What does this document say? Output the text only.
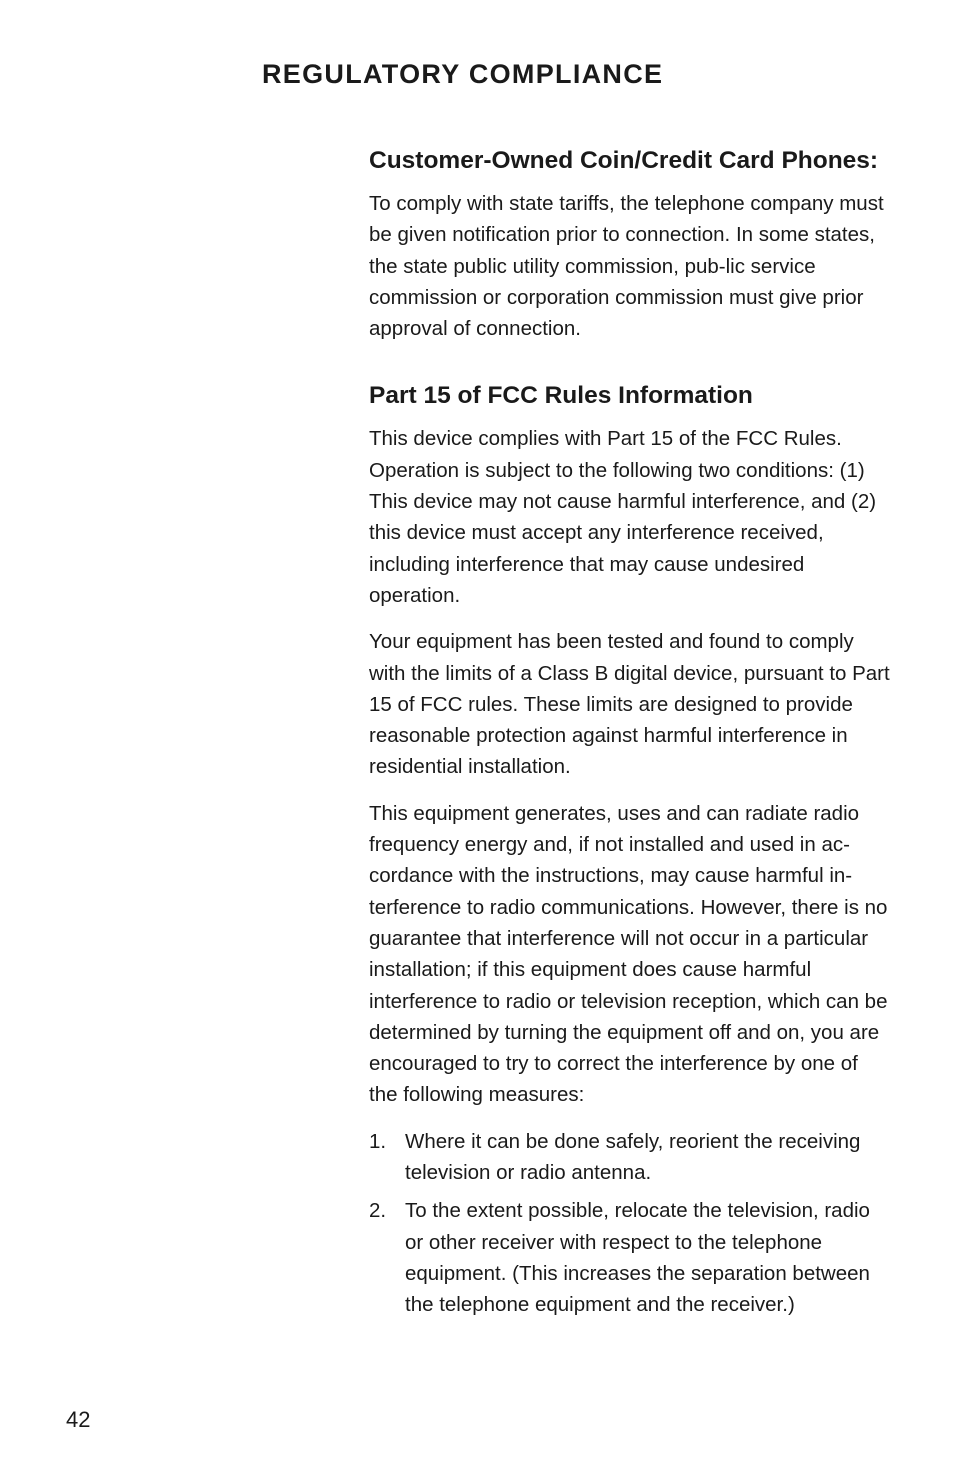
REGULATORY COMPLIANCE
Customer-Owned Coin/Credit Card Phones:

To comply with state tariffs, the telephone company must be given notification prior to connection. In some states, the state public utility commission, pub-lic service commission or corporation commission must give prior approval of connection.

Part 15 of FCC Rules Information

This device complies with Part 15 of the FCC Rules. Operation is subject to the following two conditions: (1) This device may not cause harmful interference, and (2) this device must accept any interference received, including interference that may cause undesired operation.

Your equipment has been tested and found to comply with the limits of a Class B digital device, pursuant to Part 15 of FCC rules. These limits are designed to provide reasonable protection against harmful interference in residential installation.

This equipment generates, uses and can radiate radio frequency energy and, if not installed and used in ac-cordance with the instructions, may cause harmful in-terference to radio communications. However, there is no guarantee that interference will not occur in a particular installation; if this equipment does cause harmful interference to radio or television reception, which can be determined by turning the equipment off and on, you are encouraged to try to correct the interference by one of the following measures:

1. Where it can be done safely, reorient the receiving television or radio antenna.
2. To the extent possible, relocate the television, radio or other receiver with respect to the telephone equipment. (This increases the separation between the telephone equipment and the receiver.)
42
